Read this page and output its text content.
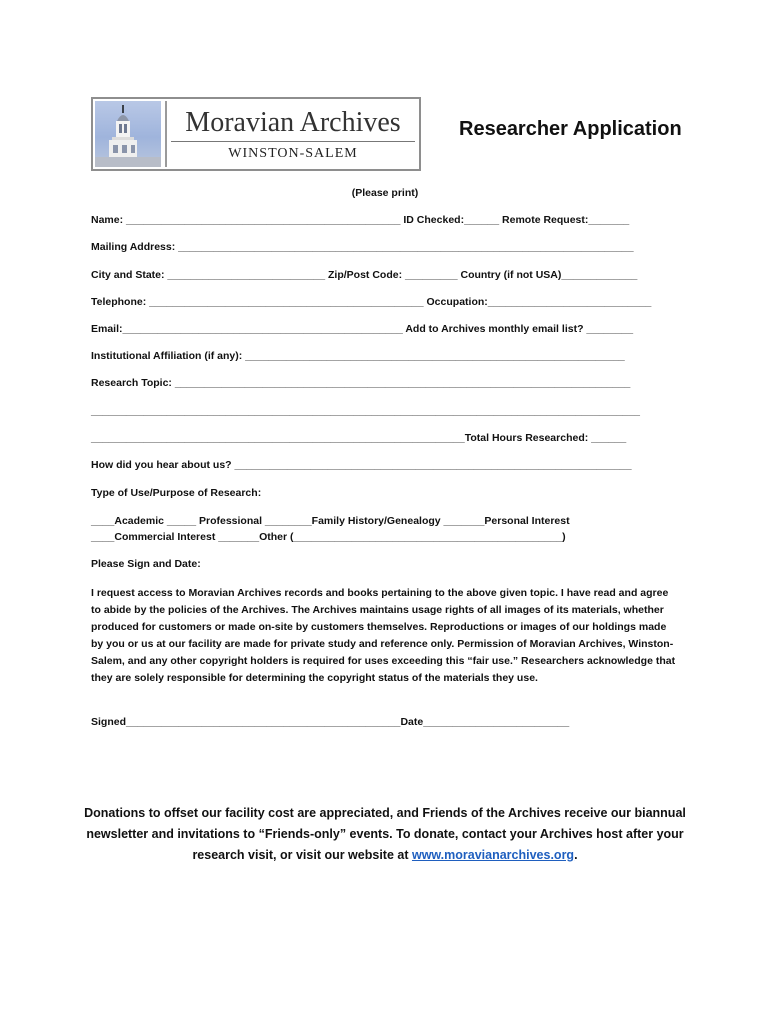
Moravian Archives
WINSTON-SALEM
Researcher Application
(Please print)
Name: _______________________________________________ ID Checked:______ Remote Request:_______
Mailing Address: ______________________________________________________________________________
City and State: ___________________________ Zip/Post Code: _________ Country (if not USA)_____________
Telephone: _______________________________________________ Occupation:____________________________
Email:________________________________________________ Add to Archives monthly email list? ________
Institutional Affiliation (if any): _________________________________________________________________
Research Topic: ______________________________________________________________________________
______________________________________________________________________________________________
________________________________________________________________Total Hours Researched: ______
How did you hear about us? ____________________________________________________________________
Type of Use/Purpose of Research:
____Academic _____ Professional ________Family History/Genealogy _______Personal Interest
____Commercial Interest _______Other (______________________________________________)
Please Sign and Date:
I request access to Moravian Archives records and books pertaining to the above given topic. I have read and agree to abide by the policies of the Archives. The Archives maintains usage rights of all images of its materials, whether produced for customers or made on-site by customers themselves. Reproductions or images of our holdings made by you or us at our facility are made for private study and reference only. Permission of Moravian Archives, Winston-Salem, and any other copyright holders is required for uses exceeding this “fair use.” Researchers acknowledge that they are solely responsible for determining the copyright status of the materials they use.
Signed_______________________________________________Date_________________________
Donations to offset our facility cost are appreciated, and Friends of the Archives receive our biannual newsletter and invitations to “Friends-only” events. To donate, contact your Archives host after your research visit, or visit our website at www.moravianarchives.org.
